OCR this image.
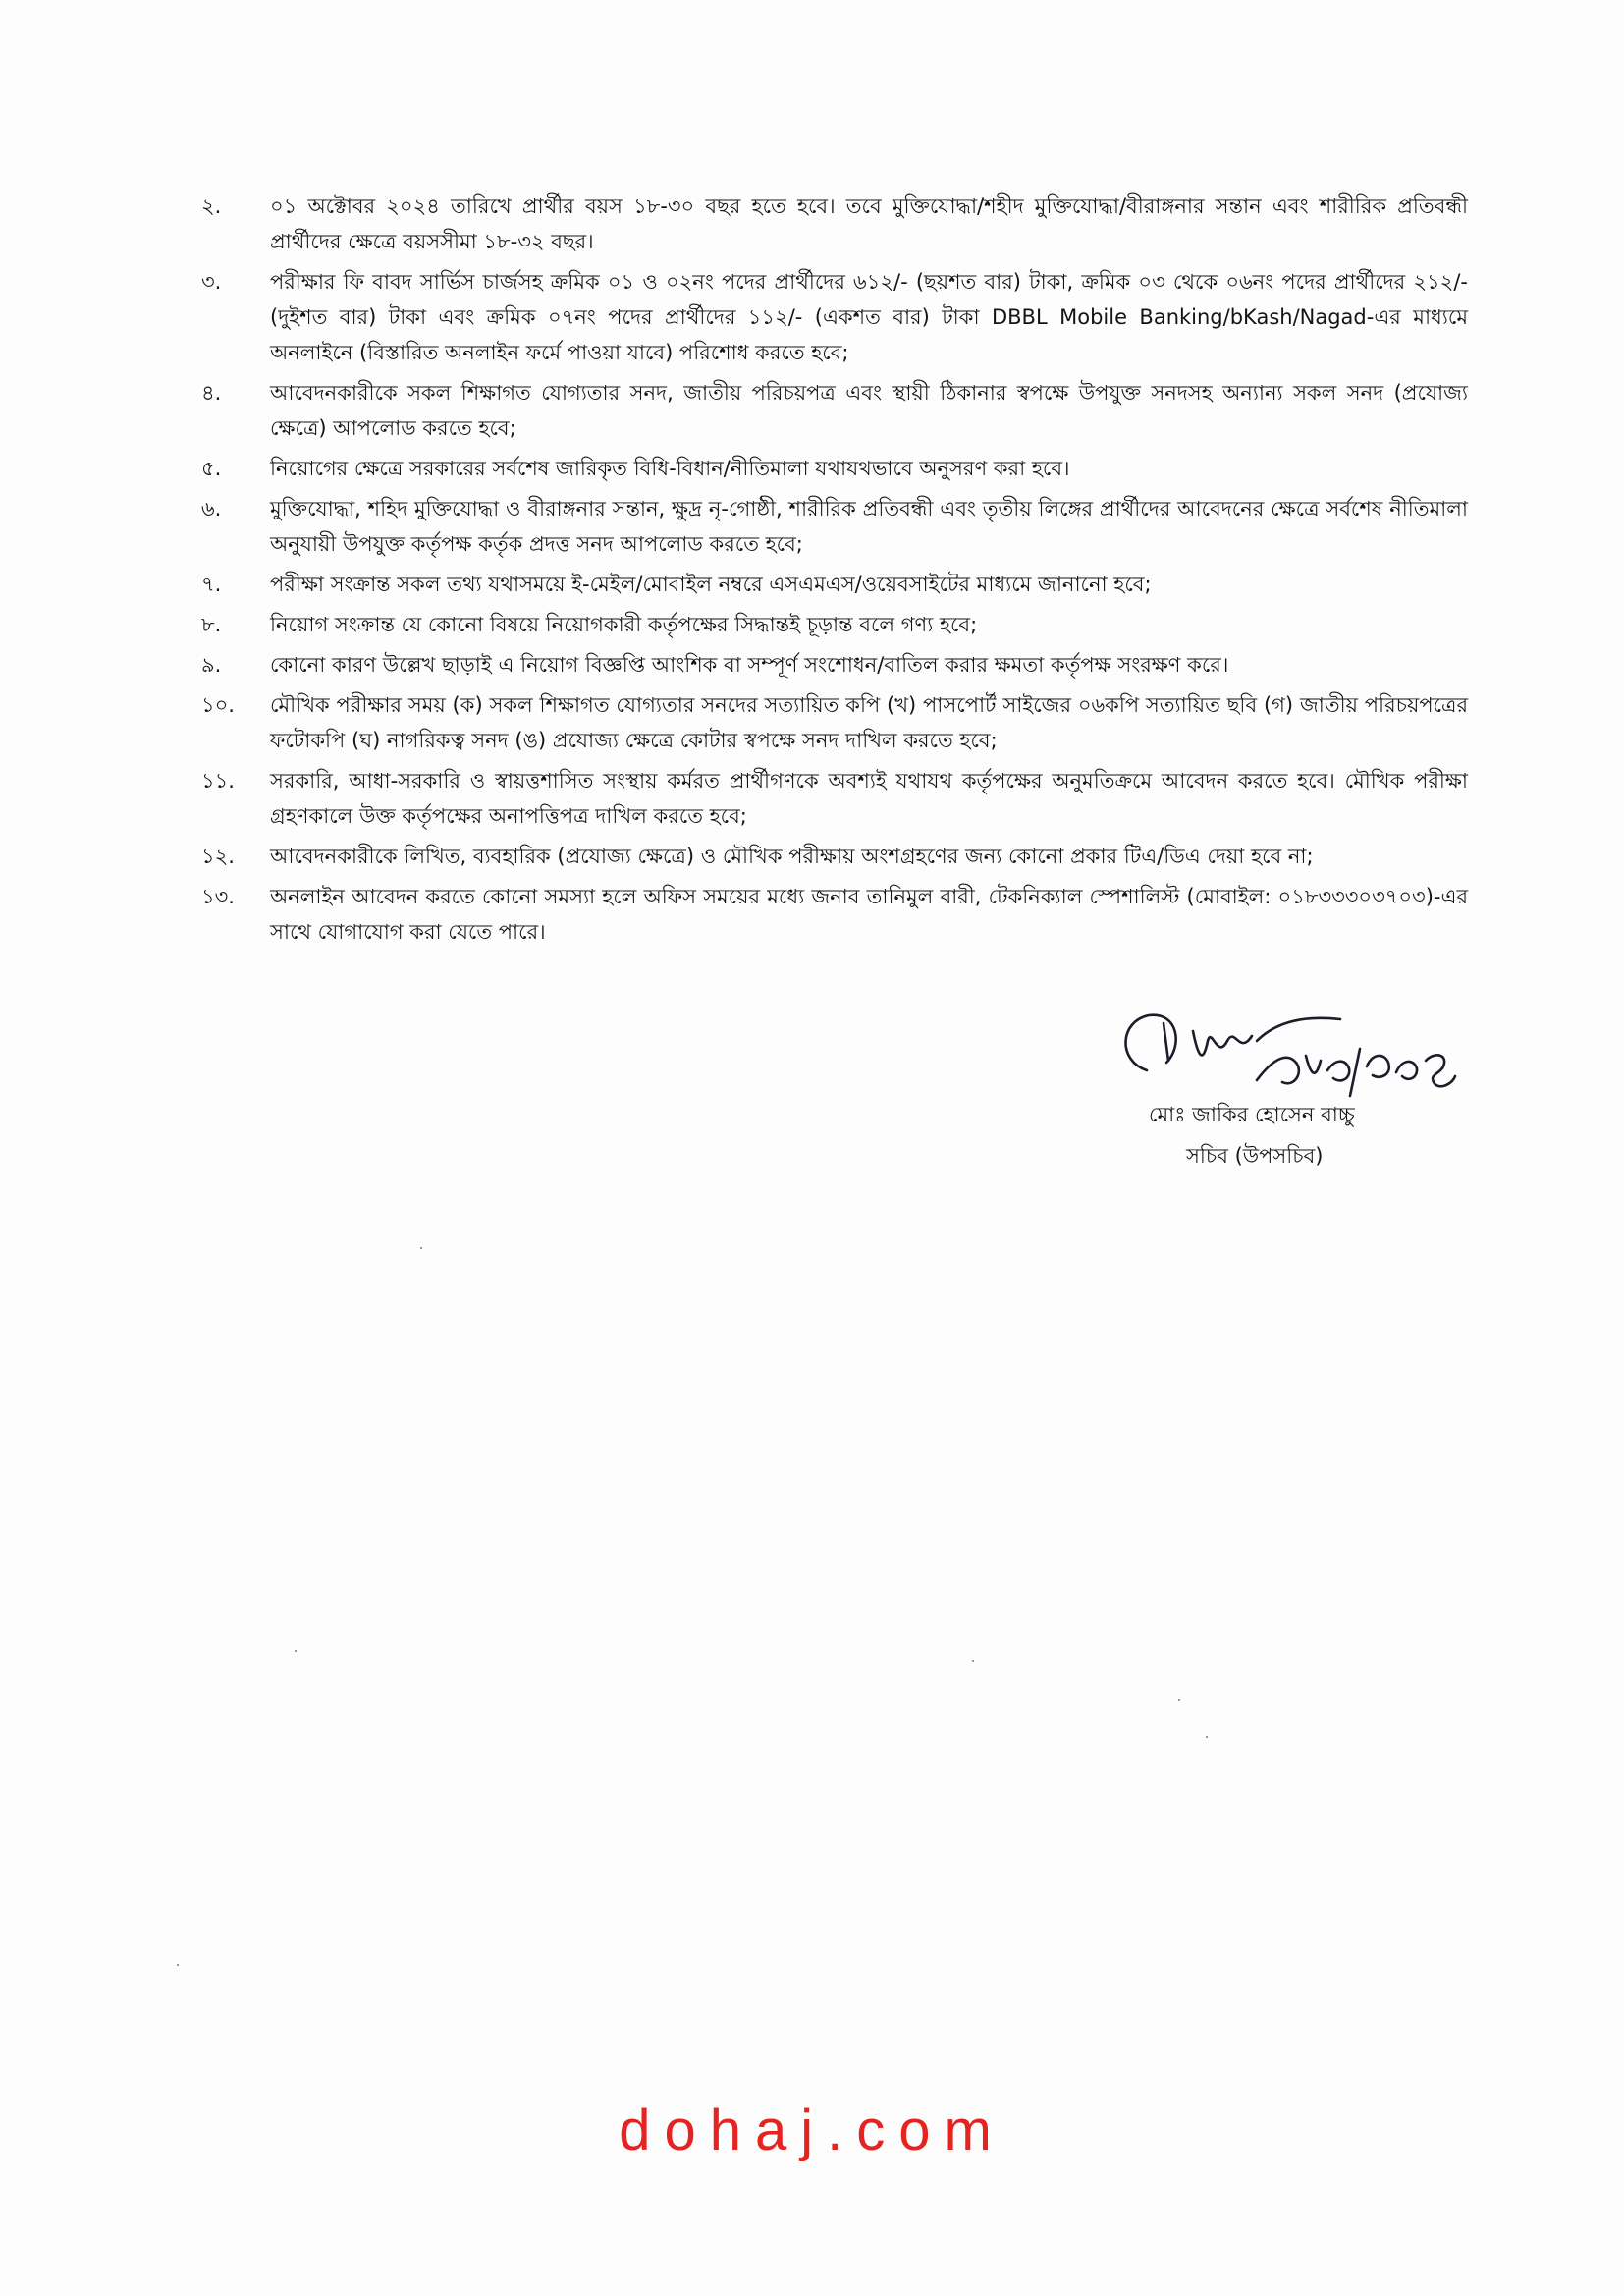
২.	০১ অক্টোবর ২০২৪ তারিখে প্রার্থীর বয়স ১৮-৩০ বছর হতে হবে। তবে মুক্তিযোদ্ধা/শহীদ মুক্তিযোদ্ধা/বীরাঙ্গনার সন্তান এবং শারীরিক প্রতিবন্ধী প্রার্থীদের ক্ষেত্রে বয়সসীমা ১৮-৩২ বছর।
৩.	পরীক্ষার ফি বাবদ সার্ভিস চার্জসহ ক্রমিক ০১ ও ০২নং পদের প্রার্থীদের ৬১২/- (ছয়শত বার) টাকা, ক্রমিক ০৩ থেকে ০৬নং পদের প্রার্থীদের ২১২/- (দুইশত বার) টাকা এবং ক্রমিক ০৭নং পদের প্রার্থীদের ১১২/- (একশত বার) টাকা DBBL Mobile Banking/bKash/Nagad-এর মাধ্যমে অনলাইনে (বিস্তারিত অনলাইন ফর্মে পাওয়া যাবে) পরিশোধ করতে হবে;
৪.	আবেদনকারীকে সকল শিক্ষাগত যোগ্যতার সনদ, জাতীয় পরিচয়পত্র এবং স্থায়ী ঠিকানার স্বপক্ষে উপযুক্ত সনদসহ অন্যান্য সকল সনদ (প্রযোজ্য ক্ষেত্রে) আপলোড করতে হবে;
৫.	নিয়োগের ক্ষেত্রে সরকারের সর্বশেষ জারিকৃত বিধি-বিধান/নীতিমালা যথাযথভাবে অনুসরণ করা হবে।
৬.	মুক্তিযোদ্ধা, শহিদ মুক্তিযোদ্ধা ও বীরাঙ্গনার সন্তান, ক্ষুদ্র নৃ-গোষ্ঠী, শারীরিক প্রতিবন্ধী এবং তৃতীয় লিঙ্গের প্রার্থীদের আবেদনের ক্ষেত্রে সর্বশেষ নীতিমালা অনুযায়ী উপযুক্ত কর্তৃপক্ষ কর্তৃক প্রদত্ত সনদ আপলোড করতে হবে;
৭.	পরীক্ষা সংক্রান্ত সকল তথ্য যথাসময়ে ই-মেইল/মোবাইল নম্বরে এসএমএস/ওয়েবসাইটের মাধ্যমে জানানো হবে;
৮.	নিয়োগ সংক্রান্ত যে কোনো বিষয়ে নিয়োগকারী কর্তৃপক্ষের সিদ্ধান্তই চূড়ান্ত বলে গণ্য হবে;
৯.	কোনো কারণ উল্লেখ ছাড়াই এ নিয়োগ বিজ্ঞপ্তি আংশিক বা সম্পূর্ণ সংশোধন/বাতিল করার ক্ষমতা কর্তৃপক্ষ সংরক্ষণ করে।
১০.	মৌখিক পরীক্ষার সময় (ক) সকল শিক্ষাগত যোগ্যতার সনদের সত্যায়িত কপি (খ) পাসপোর্ট সাইজের ০৬কপি সত্যায়িত ছবি (গ) জাতীয় পরিচয়পত্রের ফটোকপি (ঘ) নাগরিকত্ব সনদ (ঙ) প্রযোজ্য ক্ষেত্রে কোটার স্বপক্ষে সনদ দাখিল করতে হবে;
১১.	সরকারি, আধা-সরকারি ও স্বায়ত্তশাসিত সংস্থায় কর্মরত প্রার্থীগণকে অবশ্যই যথাযথ কর্তৃপক্ষের অনুমতিক্রমে আবেদন করতে হবে। মৌখিক পরীক্ষা গ্রহণকালে উক্ত কর্তৃপক্ষের অনাপত্তিপত্র দাখিল করতে হবে;
১২.	আবেদনকারীকে লিখিত, ব্যবহারিক (প্রযোজ্য ক্ষেত্রে) ও মৌখিক পরীক্ষায় অংশগ্রহণের জন্য কোনো প্রকার টিএ/ডিএ দেয়া হবে না;
১৩.	অনলাইন আবেদন করতে কোনো সমস্যা হলে অফিস সময়ের মধ্যে জনাব তানিমুল বারী, টেকনিক্যাল স্পেশালিস্ট (মোবাইল: ০১৮৩৩৩০৩৭০৩)-এর সাথে যোগাযোগ করা যেতে পারে।
মোঃ জাকির হোসেন বাচ্চু
সচিব (উপসচিব)
dohaj.com
